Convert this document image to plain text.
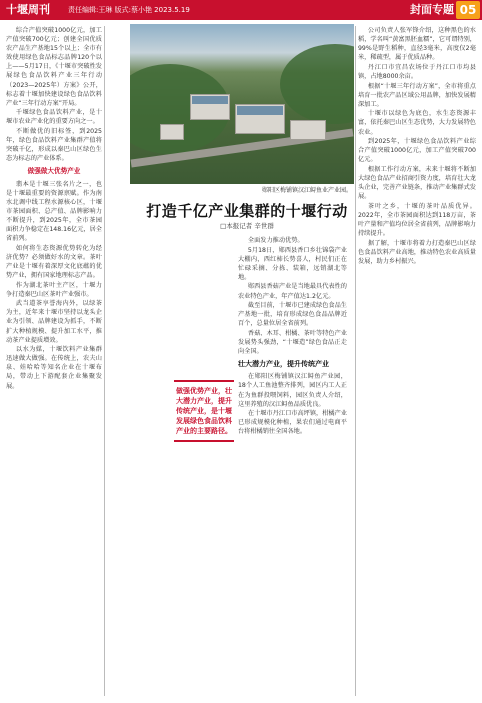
十堰周刊	责任编辑:王琳 版式:蔡小艳 2023.5.19	封面专题 05

综合产值突破1000亿元，加工产值突破700亿元；创建全国优质农产品生产基地15个以上；全市有效使用绿色食品标志品牌120个以上——5月17日，《十堰市突破性发展绿色食品饮料产业三年行动（2023—2025年）方案》公开，标志着十堰加快建设绿色食品饮料产业“三年行动方案”开局。

千堰绿色食品饮料产业，是十堰市农业产业化的重要方向之一。

不断做优的旧标签，到2025年，绿色食品饮料产业集群产值将突破千亿，形成以秦巴山区绿色生态为标志的产业体系。

做强做大优势产业

翡本是十堰三张名片之一，也是十堰最重要的资源禀赋。作为南水北调中线工程水源核心区，十堰市茶园面积、总产值、品牌影响力不断提升，到2025年，全市茶园面积力争稳定在148.16亿元，居全省前列。

如何将生态资源优势转化为经济优势？必须做好水的文章。茶叶产业是十堰有着深厚文化底蕴的优势产业，拥有国家地理标志产品。

作为湖北茶叶主产区，十堰力争打造秦巴山区茶叶产业强市。

武当道茶享誉海内外，以绿茶为主，近年来十堰市坚持以龙头企业为引领、品牌建设为抓手，不断扩大种植规模、提升加工水平，推动茶产业提质增效。

以水为媒，十堰饮料产业集群迅速做大做强。在传统上，农夫山泉、娃哈哈等知名企业在十堰布局，带动上下游配套企业集聚发展。

郧阳区梅铺镇汉江鲟鱼业产业园。
打造千亿产业集群的十堰行动
□本报记者 辛世群
做强优势产业，壮大潜力产业，提升传统产业，是十堰发展绿色食品饮料产业的主要路径。

全面发力推动优势。

5月18日，郧西县香口乡壮锦袋产业大棚内，西红柿长势喜人，村民们正在忙碌采摘、分拣、装箱，远销湖北等地。

郧西县香菇产业是当地最具代表性的农业特色产业，年产值达1.2亿元。

截至目前，十堰市已建成绿色食品生产基地一批，培育形成绿色食品品牌近百个，总量位居全省前列。

香菇、木耳、柑橘、茶叶等特色产业发展势头强劲，“十堰造”绿色食品正走向全国。

壮大潜力产业，提升传统产业

在郧阳区梅铺镇汉江鲟鱼产业园，18个人工鱼池整齐排列，园区内工人正在为鱼群投喂饲料，园区负责人介绍，这里养殖的汉江鲟鱼品质优良。

在十堰市丹江口市高坪镇，柑橘产业已形成规模化种植，果农们通过电商平台将柑橘销往全国各地。

公司负责人张军锋介绍，这种黑色的水稻，学名叫“黄富黑胚血糯”，它可谓特别，99%是野生稻种，直径3毫米，高度仅2毫米，稀疏型，属于优质品种。

丹江口市宜昌农场位于丹江口市均县镇，占地8000余亩。

根据“十堰三年行动方案”，全市将重点培育一批农产品区域公用品牌，加快发展精深加工。

十堰市以绿色为底色，水生态资源丰富，依托秦巴山区生态优势，大力发展特色农业。

到2025年，十堰绿色食品饮料产业综合产值突破1000亿元，加工产值突破700亿元。

根据工作行动方案，未来十堰将不断加大绿色食品产业招商引资力度，培育壮大龙头企业，完善产业链条，推动产业集群式发展。

茶叶之乡，十堰的茶叶品质优异。2022年，全市茶园面积达到118万亩，茶叶产量和产值均位居全省前列，品牌影响力持续提升。

据了解，十堰市将着力打造秦巴山区绿色食品饮料产业高地，推动特色农业高质量发展，助力乡村振兴。
